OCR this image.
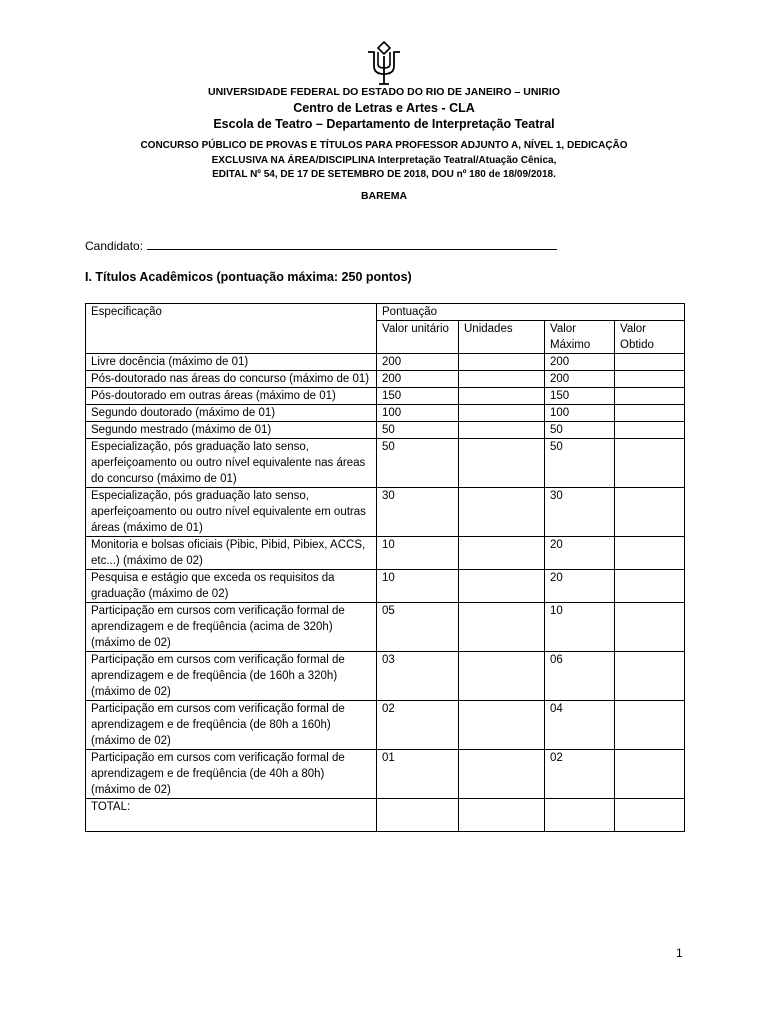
UNIVERSIDADE FEDERAL DO ESTADO DO RIO DE JANEIRO – UNIRIO
Centro de Letras e Artes - CLA
Escola de Teatro – Departamento de Interpretação Teatral
CONCURSO PÚBLICO DE PROVAS E TÍTULOS PARA PROFESSOR ADJUNTO A, NÍVEL 1, DEDICAÇÃO
EXCLUSIVA NA ÁREA/DISCIPLINA Interpretação Teatral/Atuação Cênica,
EDITAL Nº 54, DE 17 DE SETEMBRO DE 2018, DOU nº 180 de 18/09/2018.
BAREMA
Candidato:
I. Títulos Acadêmicos (pontuação máxima: 250 pontos)
Especificação	Pontuação			
	Valor unitário	Unidades	Valor Máximo	Valor Obtido
Livre docência (máximo de 01)	200		200	
Pós-doutorado nas áreas do concurso (máximo de 01)	200		200	
Pós-doutorado em outras áreas (máximo de 01)	150		150	
Segundo doutorado (máximo de 01)	100		100	
Segundo mestrado (máximo de 01)	50		50	
Especialização, pós graduação lato senso, aperfeiçoamento ou outro nível equivalente nas áreas do concurso (máximo de 01)	50		50	
Especialização, pós graduação lato senso, aperfeiçoamento ou outro nível equivalente em outras áreas (máximo de 01)	30		30	
Monitoria e bolsas oficiais (Pibic, Pibid, Pibiex, ACCS, etc...) (máximo de 02)	10		20	
Pesquisa e estágio que exceda os requisitos da graduação (máximo de 02)	10		20	
Participação em cursos com verificação formal de aprendizagem e de freqüência (acima de 320h) (máximo de 02)	05		10	
Participação em cursos com verificação formal de aprendizagem e de freqüência (de 160h a 320h) (máximo de 02)	03		06	
Participação em cursos com verificação formal de aprendizagem e de freqüência (de 80h a 160h) (máximo de 02)	02		04	
Participação em cursos com verificação formal de aprendizagem e de freqüência (de 40h a 80h) (máximo de 02)	01		02	
TOTAL:				
1
